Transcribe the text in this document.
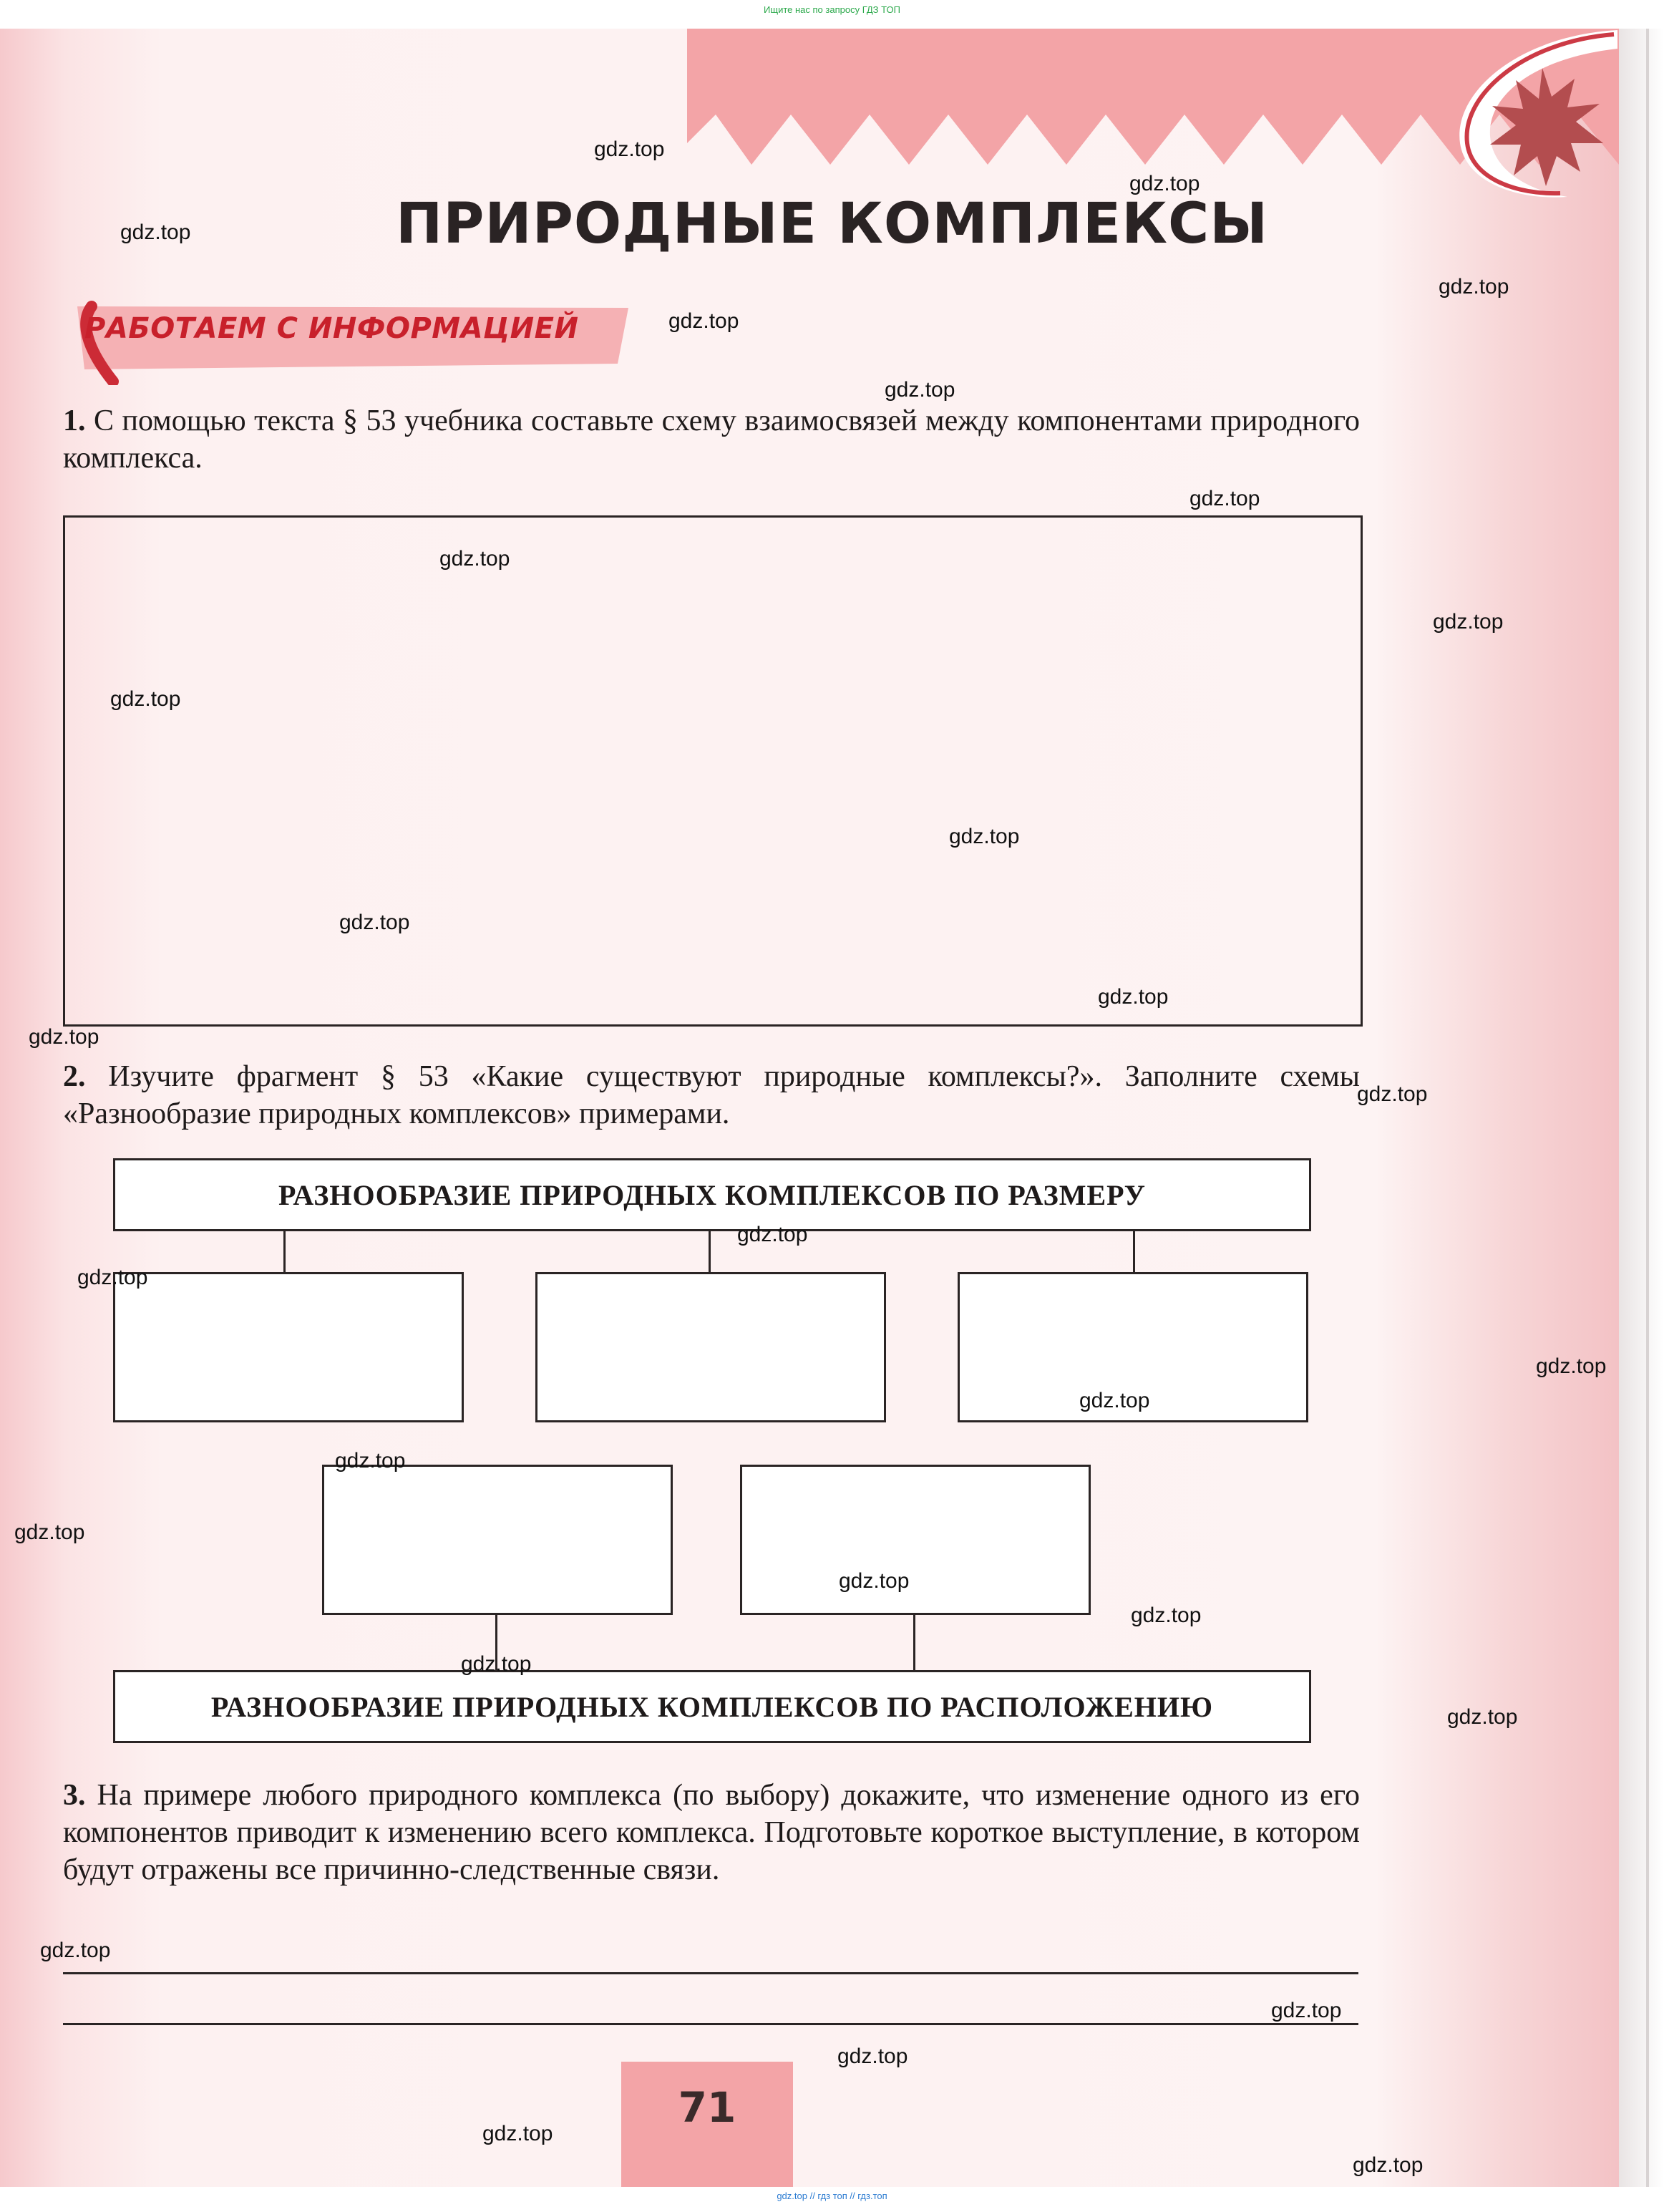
Ищите нас по запросу ГДЗ ТОП
ПРИРОДНЫЕ КОМПЛЕКСЫ
РАБОТАЕМ С ИНФОРМАЦИЕЙ
1. С помощью текста § 53 учебника составьте схему взаимосвязей между компонентами природного комплекса.
2. Изучите фрагмент § 53 «Какие существуют природные комплексы?». Заполните схемы «Разнообразие природных комплексов» примерами.
РАЗНООБРАЗИЕ ПРИРОДНЫХ КОМПЛЕКСОВ ПО РАЗМЕРУ
РАЗНООБРАЗИЕ ПРИРОДНЫХ КОМПЛЕКСОВ ПО РАСПОЛОЖЕНИЮ
3. На примере любого природного комплекса (по выбору) докажите, что изменение одного из его компонентов приводит к изменению всего комплекса. Подготовьте короткое выступление, в котором будут отражены все причинно-следственные связи.
71
gdz.top
gdz.top
gdz.top
gdz.top
gdz.top
gdz.top
gdz.top
gdz.top
gdz.top
gdz.top
gdz.top
gdz.top
gdz.top
gdz.top
gdz.top
gdz.top
gdz.top
gdz.top
gdz.top
gdz.top
gdz.top
gdz.top
gdz.top
gdz.top
gdz.top
gdz.top
gdz.top
gdz.top
gdz.top
gdz.top
gdz.top // гдз топ // гдз.топ
